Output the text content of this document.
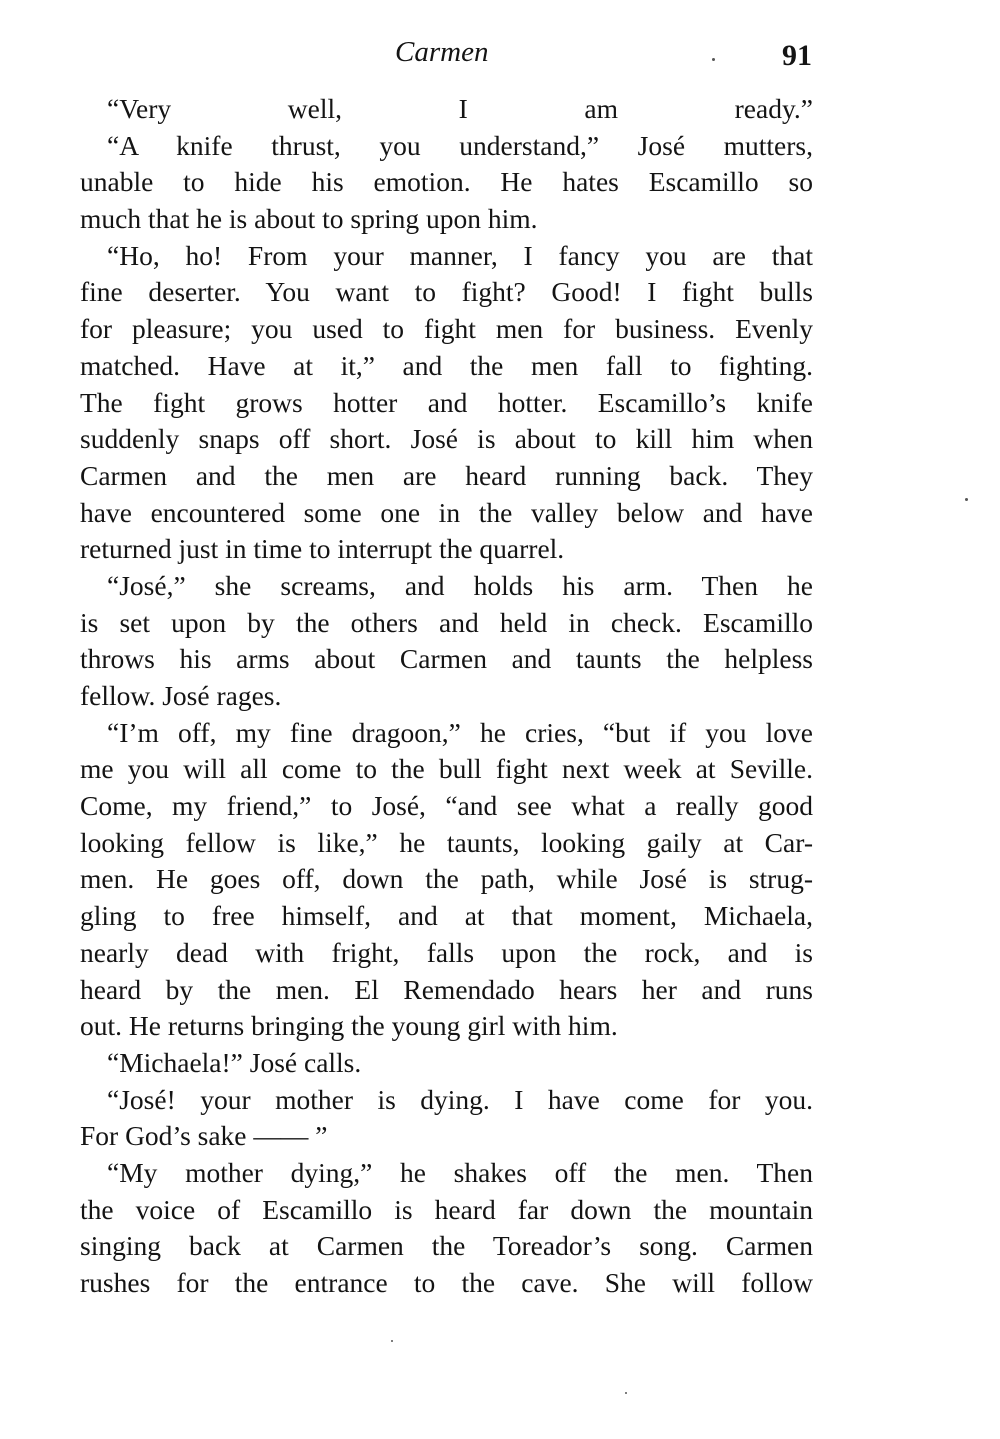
Carmen	91
“Very well, I am ready.”
“A knife thrust, you understand,” José mutters,
unable to hide his emotion. He hates Escamillo so
much that he is about to spring upon him.
“Ho, ho! From your manner, I fancy you are that
fine deserter. You want to fight? Good! I fight bulls
for pleasure; you used to fight men for business. Evenly
matched. Have at it,” and the men fall to fighting.
The fight grows hotter and hotter. Escamillo’s knife
suddenly snaps off short. José is about to kill him when
Carmen and the men are heard running back. They
have encountered some one in the valley below and have
returned just in time to interrupt the quarrel.
“José,” she screams, and holds his arm. Then he
is set upon by the others and held in check. Escamillo
throws his arms about Carmen and taunts the helpless
fellow. José rages.
“I’m off, my fine dragoon,” he cries, “but if you love
me you will all come to the bull fight next week at Seville.
Come, my friend,” to José, “and see what a really good
looking fellow is like,” he taunts, looking gaily at Car-
men. He goes off, down the path, while José is strug-
gling to free himself, and at that moment, Michaela,
nearly dead with fright, falls upon the rock, and is
heard by the men. El Remendado hears her and runs
out. He returns bringing the young girl with him.
“Michaela!” José calls.
“José! your mother is dying. I have come for you.
For God’s sake —— ”
“My mother dying,” he shakes off the men. Then
the voice of Escamillo is heard far down the mountain
singing back at Carmen the Toreador’s song. Carmen
rushes for the entrance to the cave. She will follow
